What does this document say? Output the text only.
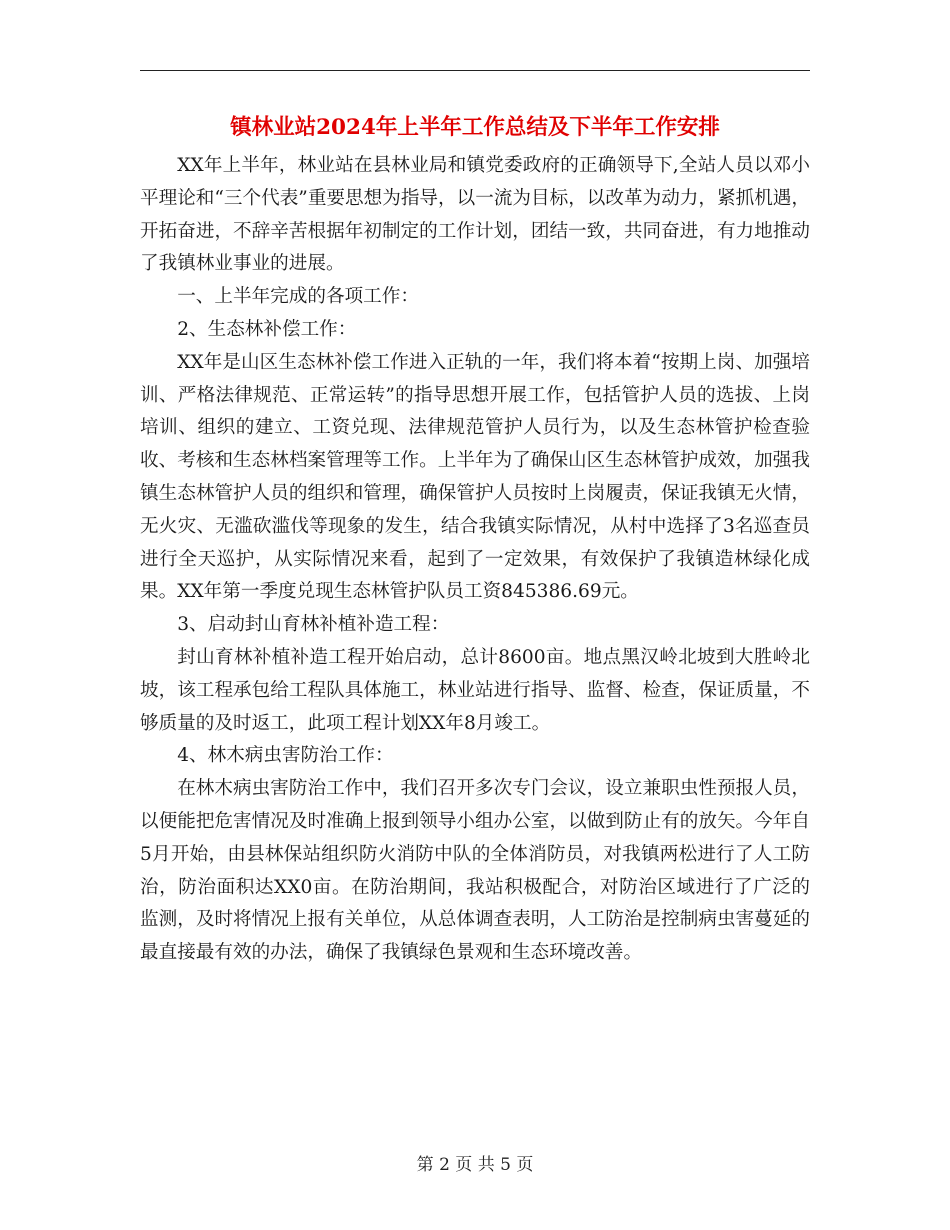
镇林业站2024年上半年工作总结及下半年工作安排

XX年上半年，林业站在县林业局和镇党委政府的正确领导下,全站人员以邓小平理论和“三个代表”重要思想为指导，以一流为目标，以改革为动力，紧抓机遇，开拓奋进，不辞辛苦根据年初制定的工作计划，团结一致，共同奋进，有力地推动了我镇林业事业的进展。

一、上半年完成的各项工作：

2、生态林补偿工作：

XX年是山区生态林补偿工作进入正轨的一年，我们将本着“按期上岗、加强培训、严格法律规范、正常运转”的指导思想开展工作，包括管护人员的选拔、上岗培训、组织的建立、工资兑现、法律规范管护人员行为，以及生态林管护检查验收、考核和生态林档案管理等工作。上半年为了确保山区生态林管护成效，加强我镇生态林管护人员的组织和管理，确保管护人员按时上岗履责，保证我镇无火情，无火灾、无滥砍滥伐等现象的发生，结合我镇实际情况，从村中选择了3名巡查员进行全天巡护，从实际情况来看，起到了一定效果，有效保护了我镇造林绿化成果。XX年第一季度兑现生态林管护队员工资845386.69元。

3、启动封山育林补植补造工程：

封山育林补植补造工程开始启动，总计8600亩。地点黑汉岭北坡到大胜岭北坡，该工程承包给工程队具体施工，林业站进行指导、监督、检查，保证质量，不够质量的及时返工，此项工程计划XX年8月竣工。

4、林木病虫害防治工作：

在林木病虫害防治工作中，我们召开多次专门会议，设立兼职虫性预报人员，以便能把危害情况及时准确上报到领导小组办公室，以做到防止有的放矢。今年自5月开始，由县林保站组织防火消防中队的全体消防员，对我镇两松进行了人工防治，防治面积达XX0亩。在防治期间，我站积极配合，对防治区域进行了广泛的监测，及时将情况上报有关单位，从总体调查表明，人工防治是控制病虫害蔓延的最直接最有效的办法，确保了我镇绿色景观和生态环境改善。

第 2 页 共 5 页
